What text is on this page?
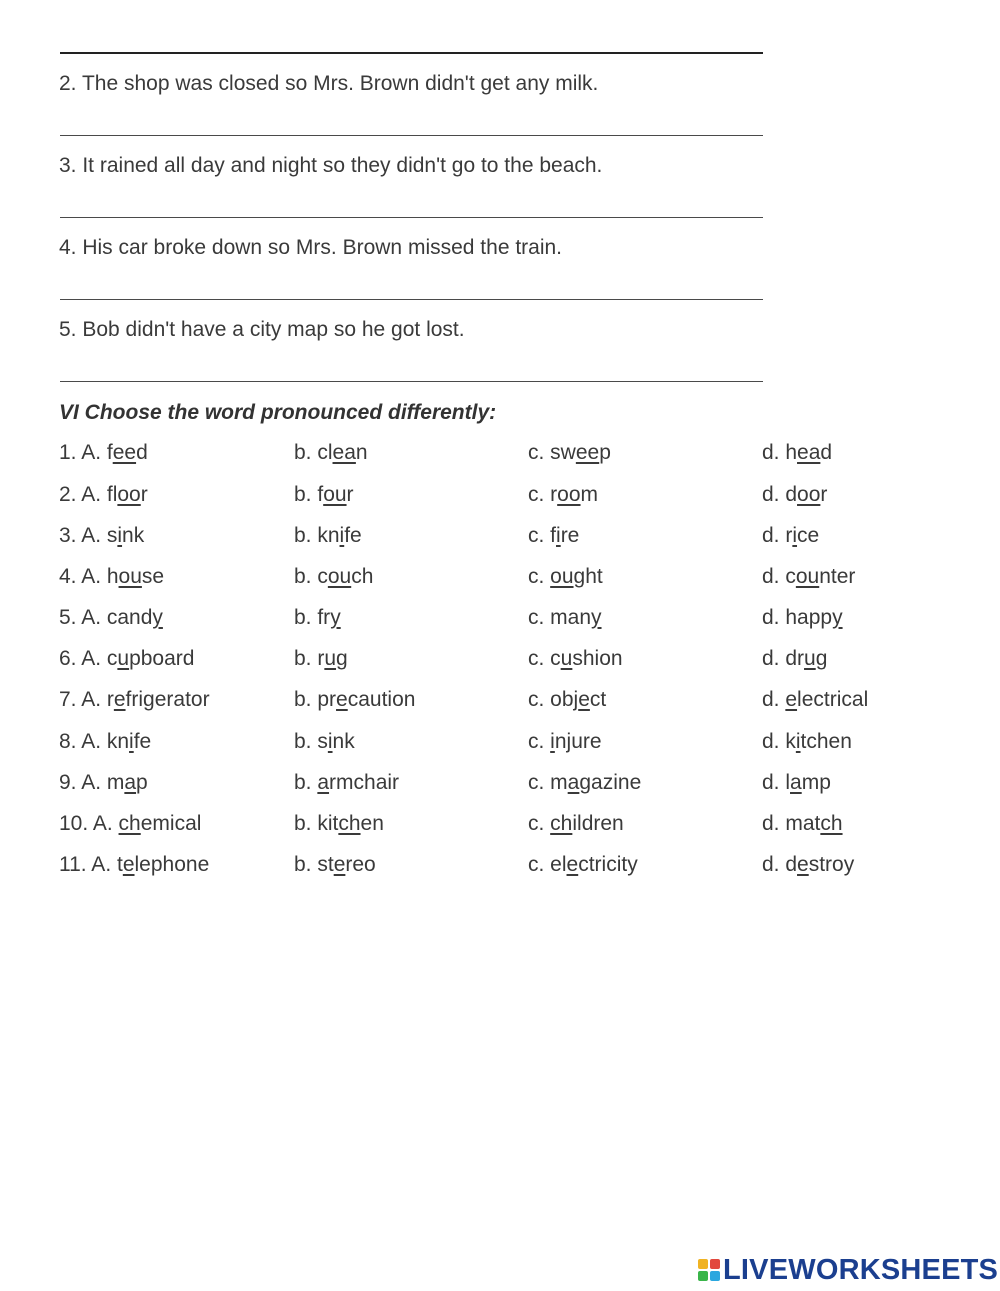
2. The shop was closed so Mrs. Brown didn't get any milk.
3. It rained all day and night so they didn't go to the beach.
4. His car broke down so Mrs. Brown missed the train.
5. Bob didn't have a city map so he got lost.
VI Choose the word pronounced differently:
1. A. feed	b. clean	c. sweep	d. head
2. A. floor	b. four	c. room	d. door
3. A. sink	b. knife	c. fire	d. rice
4. A. house	b. couch	c. ought	d. counter
5. A. candy	b. fry	c. many	d. happy
6. A. cupboard	b. rug	c. cushion	d. drug
7. A. refrigerator	b. precaution	c. object	d. electrical
8. A. knife	b. sink	c. injure	d. kitchen
9. A. map	b. armchair	c. magazine	d. lamp
10. A. chemical	b. kitchen	c. children	d. match
11. A. telephone	b. stereo	c. electricity	d. destroy
LIVEWORKSHEETS
